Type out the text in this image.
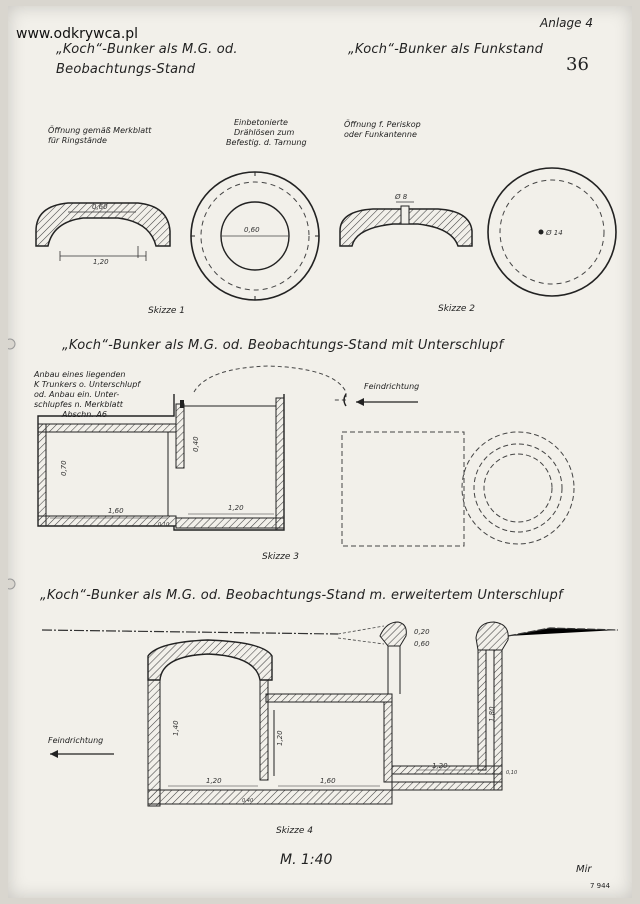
www.odkrywca.pl
Anlage 4
36
„Koch“-Bunker als M.G. od.
Beobachtungs-Stand
„Koch“-Bunker als Funkstand
Öffnung gemäß Merkblatt
für Ringstände
Einbetonierte
Drählösen zum
Befestig. d. Tarnung
Öffnung f. Periskop
oder Funkantenne
0,60
1,20
0,60
Ø 8
Ø 14
Skizze 1	Skizze 2
„Koch“-Bunker als M.G. od. Beobachtungs-Stand mit Unterschlupf
Anbau eines liegenden
K Trunkers o. Unterschlupf
od. Anbau ein. Unter-
schlupfes n. Merkblatt
Abschn. A6
1,60	1,20
0,70
0,40
0,10
Feindrichtung
Skizze 3
„Koch“-Bunker als M.G. od. Beobachtungs-Stand m. erweitertem Unterschlupf
1,20	1,60
1,20
1,40
1,20
1,80
0,20
0,60
0,10
0,40
Feindrichtung
Skizze 4
M. 1:40
Mir
7 944
